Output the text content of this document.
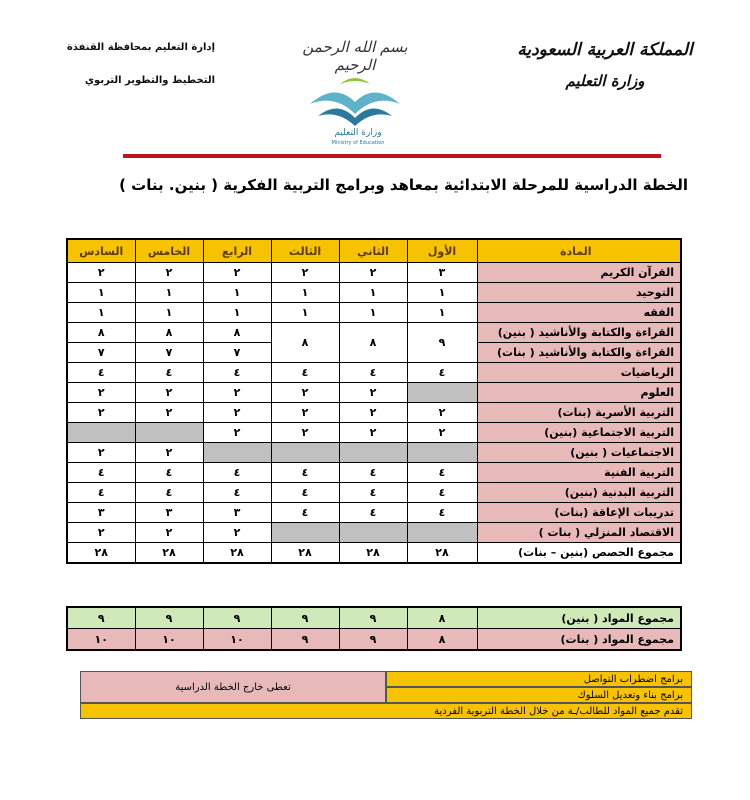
المملكة العربية السعودية
وزارة التعليم
بسم الله الرحمن الرحيم
وزارة التعليم
Ministry of Education
إدارة التعليم بمحافظة القنفذة
التخطيط والتطوير التربوي
الخطة الدراسية للمرحلة الابتدائية بمعاهد وبرامج التربية الفكرية ( بنين. بنات )
السادس	الخامس	الرابع	الثالث	الثاني	الأول	المادة
٢	٢	٢	٢	٢	٣	القرآن الكريم
١	١	١	١	١	١	التوحيد
١	١	١	١	١	١	الفقه
٨	٨	٨	٨	٨	٩	القراءة والكتابة والأناشيد ( بنين)
٧	٧	٧				القراءة والكتابة والأناشيد ( بنات)
٤	٤	٤	٤	٤	٤	الرياضيات
٢	٢	٢	٢	٢		العلوم
٢	٢	٢	٢	٢	٢	التربية الأسرية (بنات)
		٢	٢	٢	٢	التربية الاجتماعية (بنين)
٢	٢					الاجتماعيات ( بنين)
٤	٤	٤	٤	٤	٤	التربية الفنية
٤	٤	٤	٤	٤	٤	التربية البدنية (بنين)
٣	٣	٣	٤	٤	٤	تدريبات الإعاقة (بنات)
٢	٢	٢				الاقتصاد المنزلي ( بنات )
٢٨	٢٨	٢٨	٢٨	٢٨	٢٨	مجموع الحصص (بنين – بنات)
٩	٩	٩	٩	٩	٨	مجموع المواد ( بنين)
١٠	١٠	١٠	٩	٩	٨	مجموع المواد ( بنات)
برامج اضطراب التواصل
برامج بناء وتعديل السلوك
تعطى خارج الخطة الدراسية
تقدم جميع المواد للطالب/ـة من خلال الخطة التربوية الفردية
